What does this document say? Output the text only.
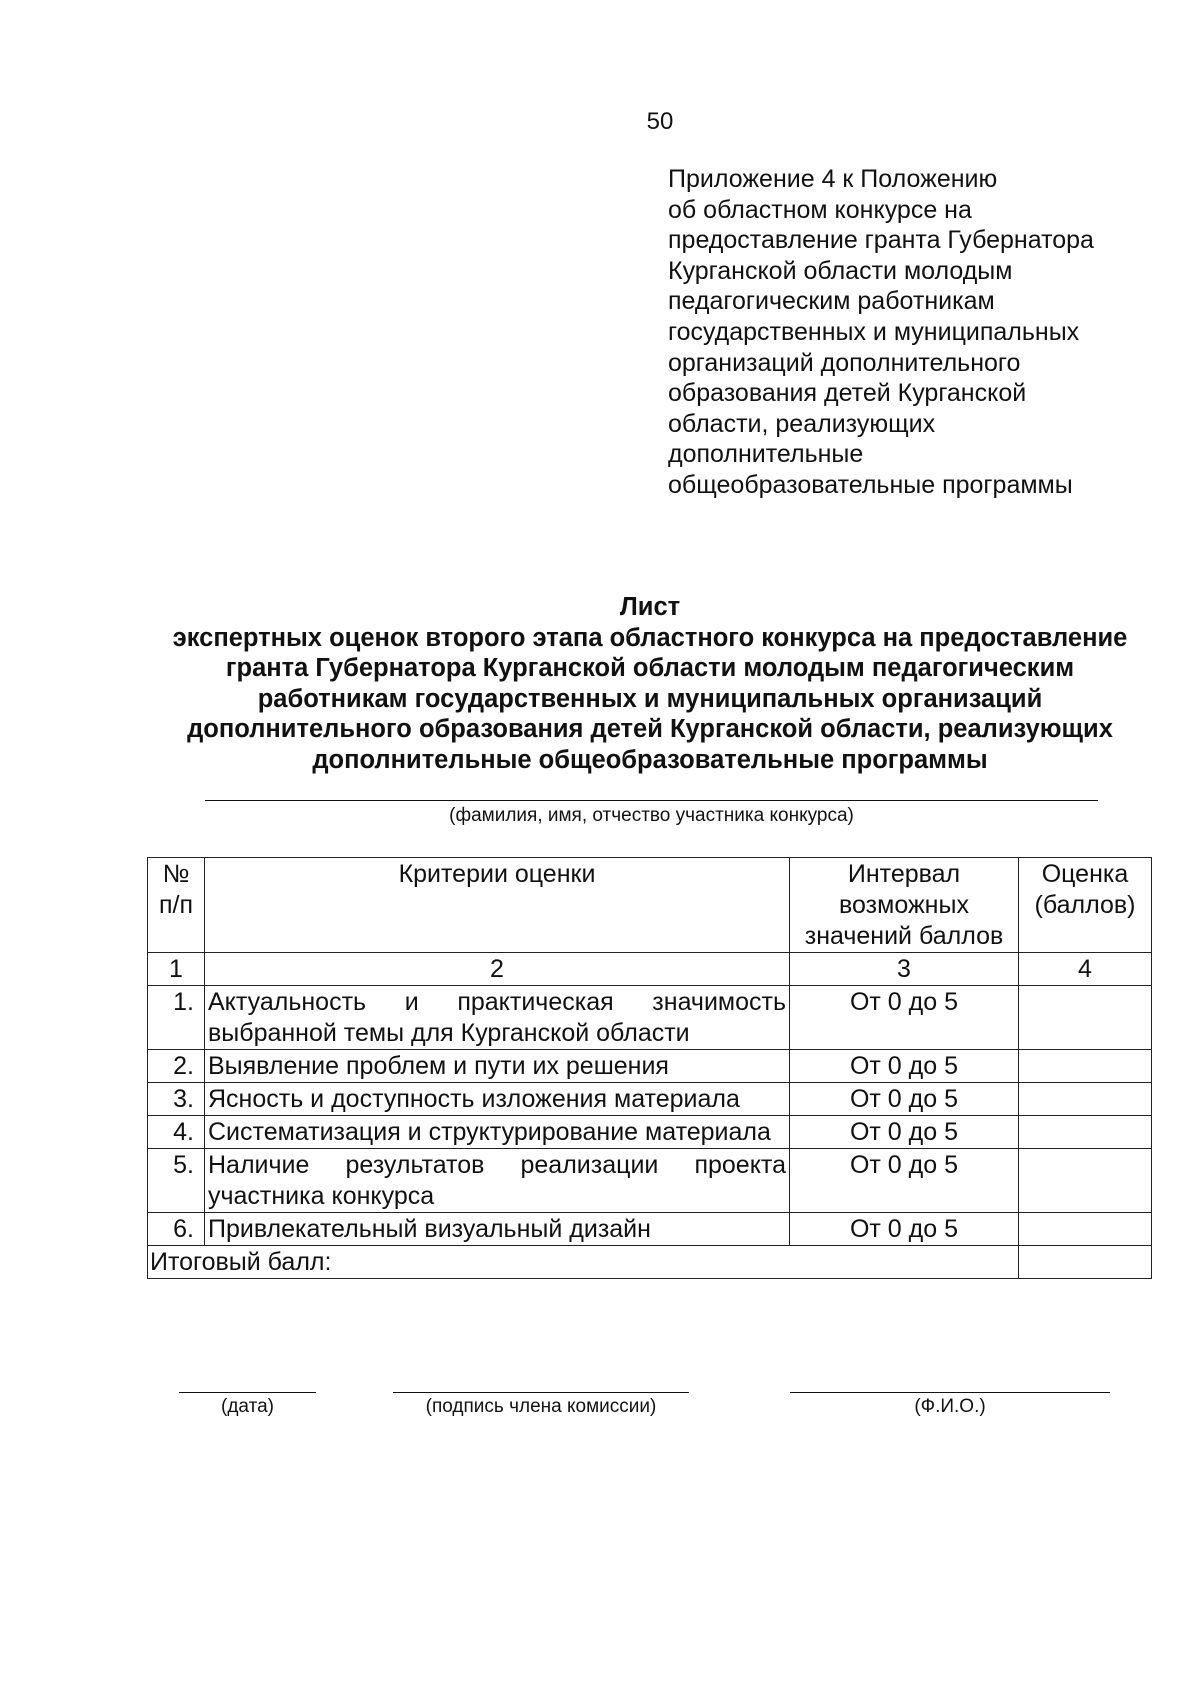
50
Приложение 4 к Положению
об областном конкурсе на
предоставление гранта Губернатора
Курганской области молодым
педагогическим работникам
государственных и муниципальных
организаций дополнительного
образования детей Курганской
области, реализующих
дополнительные
общеобразовательные программы
Лист
экспертных оценок второго этапа областного конкурса на предоставление
гранта Губернатора Курганской области молодым педагогическим
работникам государственных и муниципальных организаций
дополнительного образования детей Курганской области, реализующих
дополнительные общеобразовательные программы
(фамилия, имя, отчество участника конкурса)
№ п/п	Критерии оценки	Интервал возможных значений баллов	Оценка (баллов)
1	2	3	4
1.	Актуальность и практическая значимость выбранной темы для Курганской области	От 0 до 5	
2.	Выявление проблем и пути их решения	От 0 до 5	
3.	Ясность и доступность изложения материала	От 0 до 5	
4.	Систематизация и структурирование материала	От 0 до 5	
5.	Наличие результатов реализации проекта участника конкурса	От 0 до 5	
6.	Привлекательный визуальный дизайн	От 0 до 5	
Итоговый балл:			
(дата)	(подпись члена комиссии)	(Ф.И.О.)
